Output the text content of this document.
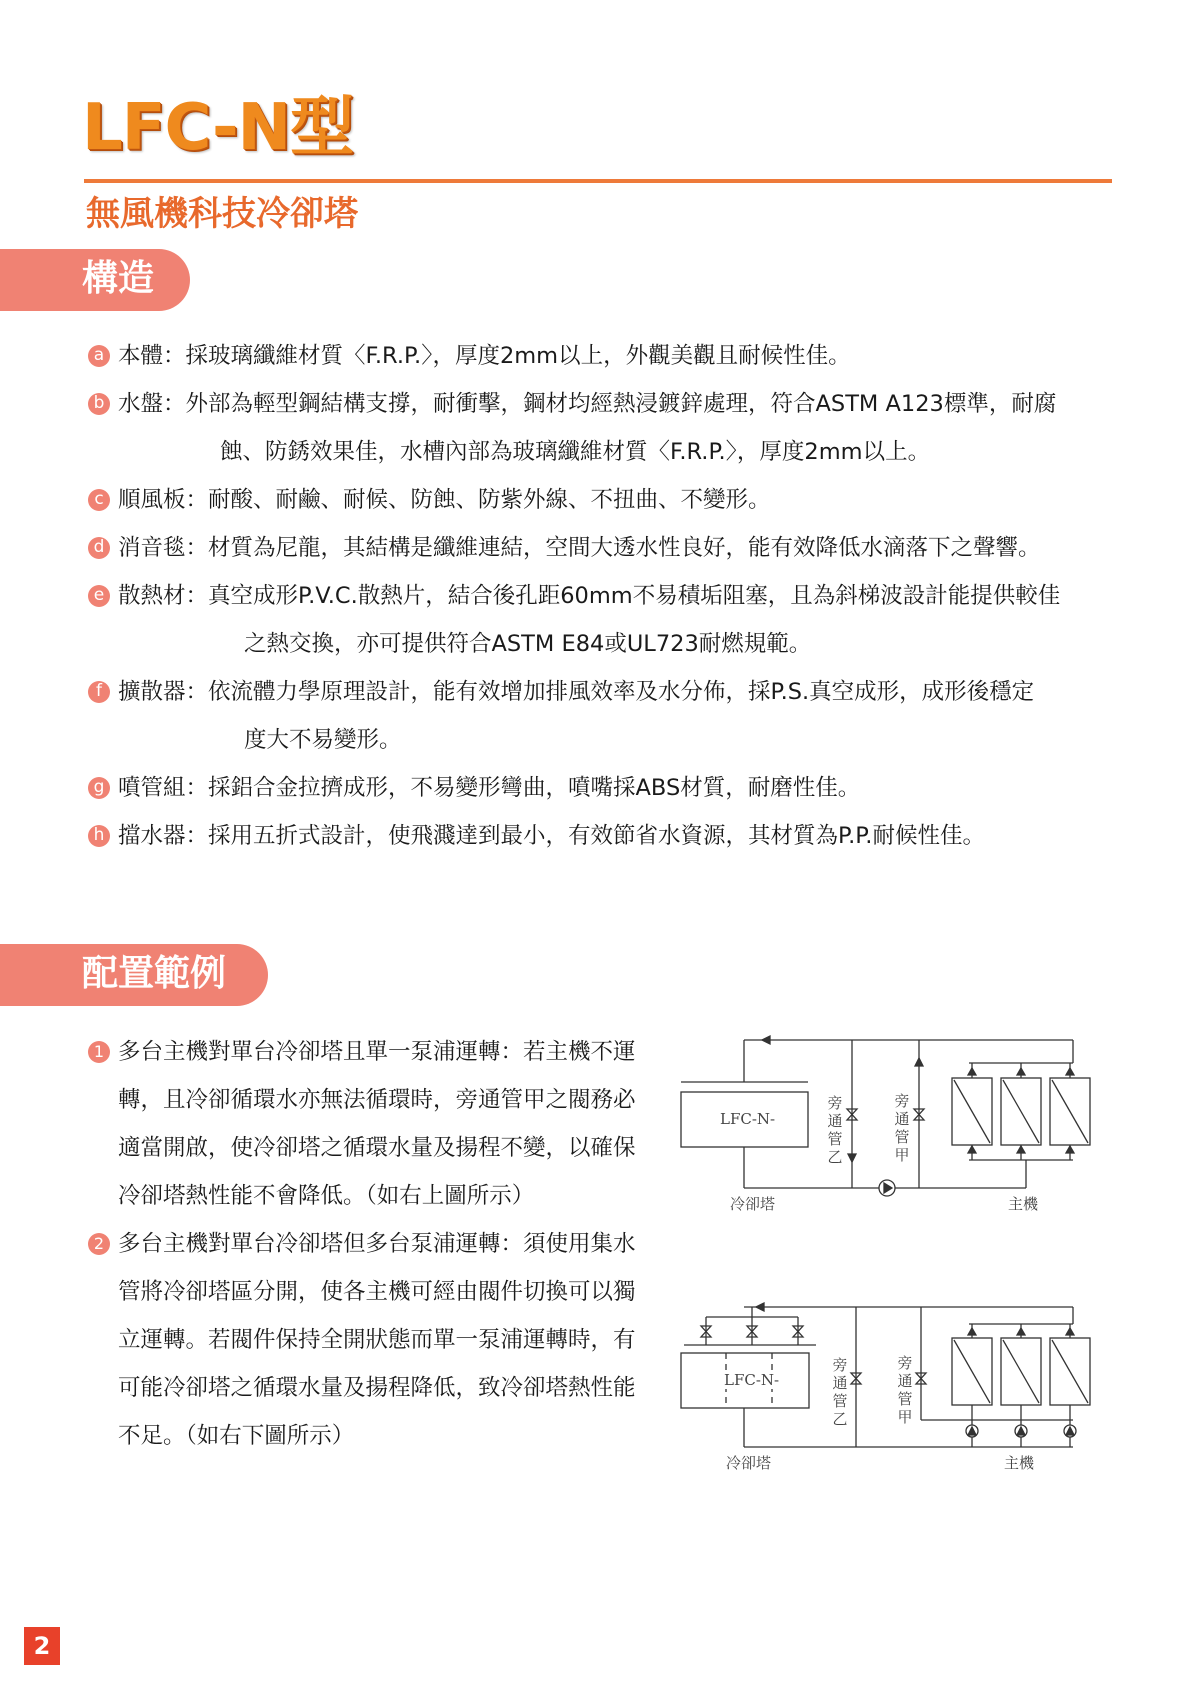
LFC-N型
無風機科技冷卻塔
構造
a 本體：採玻璃纖維材質〈F.R.P.〉，厚度2mm以上，外觀美觀且耐候性佳。
b 水盤：外部為輕型鋼結構支撐，耐衝擊，鋼材均經熱浸鍍鋅處理，符合ASTM A123標準，耐腐
蝕、防銹效果佳，水槽內部為玻璃纖維材質〈F.R.P.〉，厚度2mm以上。
c 順風板：耐酸、耐鹼、耐候、防蝕、防紫外線、不扭曲、不變形。
d 消音毯：材質為尼龍，其結構是纖維連結，空間大透水性良好，能有效降低水滴落下之聲響。
e 散熱材：真空成形P.V.C.散熱片，結合後孔距60mm不易積垢阻塞，且為斜梯波設計能提供較佳
之熱交換，亦可提供符合ASTM E84或UL723耐燃規範。
f 擴散器：依流體力學原理設計，能有效增加排風效率及水分佈，採P.S.真空成形，成形後穩定
度大不易變形。
g 噴管組：採鋁合金拉擠成形，不易變形彎曲，噴嘴採ABS材質，耐磨性佳。
h 擋水器：採用五折式設計，使飛濺達到最小，有效節省水資源，其材質為P.P.耐候性佳。
配置範例
1 多台主機對單台冷卻塔且單一泵浦運轉：若主機不運轉，且冷卻循環水亦無法循環時，旁通管甲之閥務必適當開啟，使冷卻塔之循環水量及揚程不變，以確保冷卻塔熱性能不會降低。（如右上圖所示）
2 多台主機對單台冷卻塔但多台泵浦運轉：須使用集水管將冷卻塔區分開，使各主機可經由閥件切換可以獨立運轉。若閥件保持全開狀態而單一泵浦運轉時，有可能冷卻塔之循環水量及揚程降低，致冷卻塔熱性能不足。（如右下圖所示）
LFC-N-
旁通管乙
旁通管甲
冷卻塔	主機
LFC-N-
旁通管乙
旁通管甲
冷卻塔	主機
2
